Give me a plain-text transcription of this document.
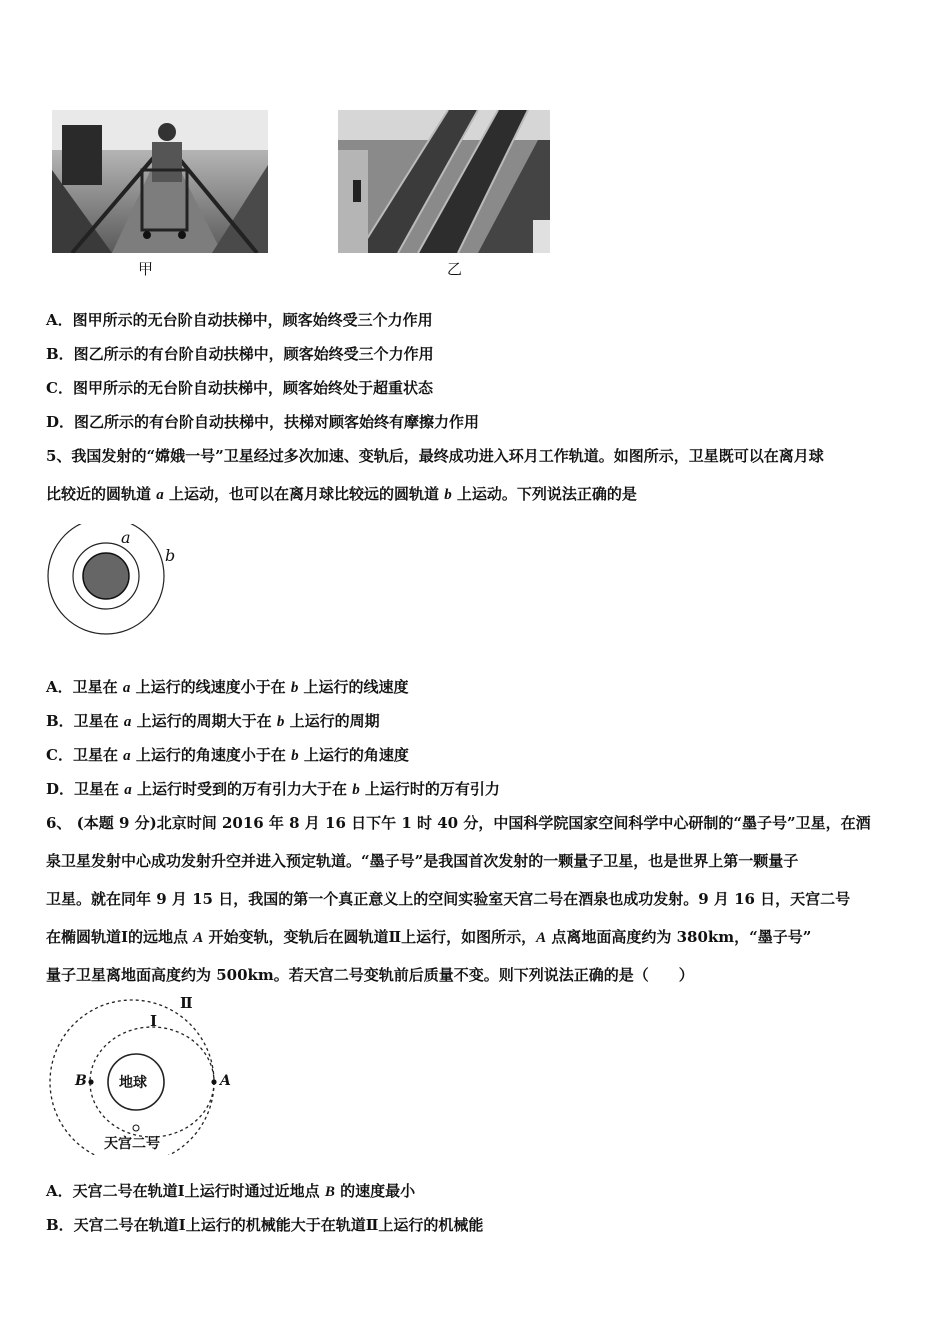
甲	乙
A．图甲所示的无台阶自动扶梯中，顾客始终受三个力作用
B．图乙所示的有台阶自动扶梯中，顾客始终受三个力作用
C．图甲所示的无台阶自动扶梯中，顾客始终处于超重状态
D．图乙所示的有台阶自动扶梯中，扶梯对顾客始终有摩擦力作用
5、我国发射的“嫦娥一号”卫星经过多次加速、变轨后，最终成功进入环月工作轨道。如图所示，卫星既可以在离月球
比较近的圆轨道 a 上运动，也可以在离月球比较远的圆轨道 b 上运动。下列说法正确的是
a
b
A．卫星在 a 上运行的线速度小于在 b 上运行的线速度
B．卫星在 a 上运行的周期大于在 b 上运行的周期
C．卫星在 a 上运行的角速度小于在 b 上运行的角速度
D．卫星在 a 上运行时受到的万有引力大于在 b 上运行时的万有引力
6、 (本题 9 分)北京时间 2016 年 8 月 16 日下午 1 时 40 分，中国科学院国家空间科学中心研制的“墨子号”卫星，在酒
泉卫星发射中心成功发射升空并进入预定轨道。“墨子号”是我国首次发射的一颗量子卫星，也是世界上第一颗量子
卫星。就在同年 9 月 15 日，我国的第一个真正意义上的空间实验室天宫二号在酒泉也成功发射。9 月 16 日，天宫二号
在椭圆轨道Ⅰ的远地点 A 开始变轨，变轨后在圆轨道Ⅱ上运行，如图所示，A 点离地面高度约为 380km，“墨子号”
量子卫星离地面高度约为 500km。若天宫二号变轨前后质量不变。则下列说法正确的是（　　）
Ⅱ
Ⅰ
地球
B	A
天宫二号
A．天宫二号在轨道Ⅰ上运行时通过近地点 B 的速度最小
B．天宫二号在轨道Ⅰ上运行的机械能大于在轨道Ⅱ上运行的机械能
